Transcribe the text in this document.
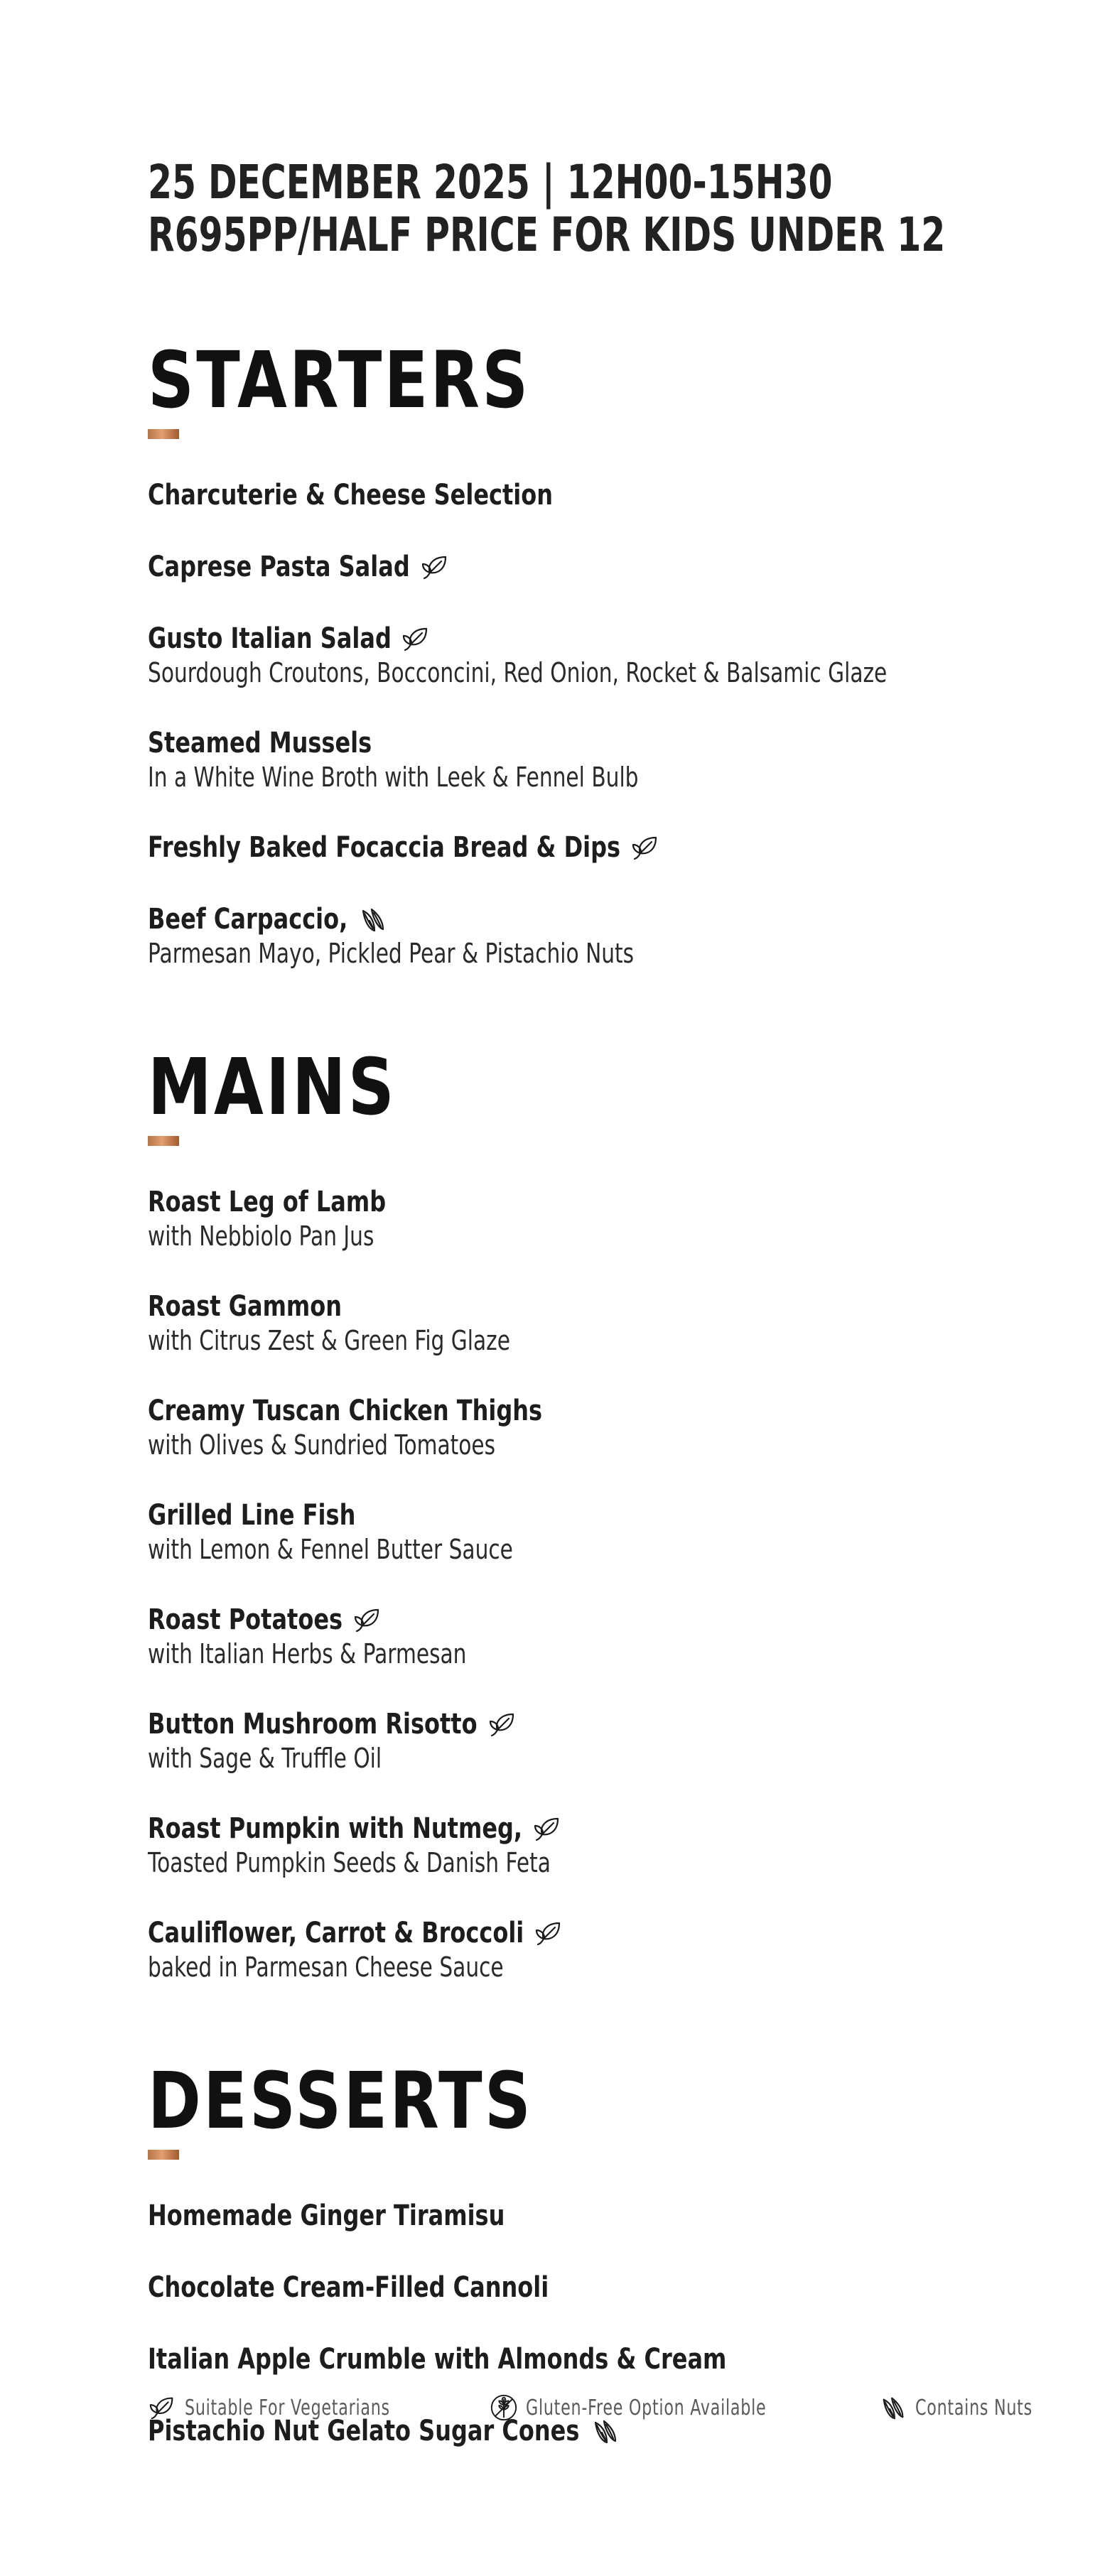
25 DECEMBER 2025 | 12H00-15H30
R695PP/HALF PRICE FOR KIDS UNDER 12
STARTERS
Charcuterie & Cheese Selection
Caprese Pasta Salad
Gusto Italian Salad
Sourdough Croutons, Bocconcini, Red Onion, Rocket & Balsamic Glaze
Steamed Mussels
In a White Wine Broth with Leek & Fennel Bulb
Freshly Baked Focaccia Bread & Dips
Beef Carpaccio,
Parmesan Mayo, Pickled Pear & Pistachio Nuts
MAINS
Roast Leg of Lamb
with Nebbiolo Pan Jus
Roast Gammon
with Citrus Zest & Green Fig Glaze
Creamy Tuscan Chicken Thighs
with Olives & Sundried Tomatoes
Grilled Line Fish
with Lemon & Fennel Butter Sauce
Roast Potatoes
with Italian Herbs & Parmesan
Button Mushroom Risotto
with Sage & Truffle Oil
Roast Pumpkin with Nutmeg,
Toasted Pumpkin Seeds & Danish Feta
Cauliflower, Carrot & Broccoli
baked in Parmesan Cheese Sauce
DESSERTS
Homemade Ginger Tiramisu
Chocolate Cream-Filled Cannoli
Italian Apple Crumble with Almonds & Cream
Pistachio Nut Gelato Sugar Cones
Suitable For Vegetarians	Gluten-Free Option Available	Contains Nuts
